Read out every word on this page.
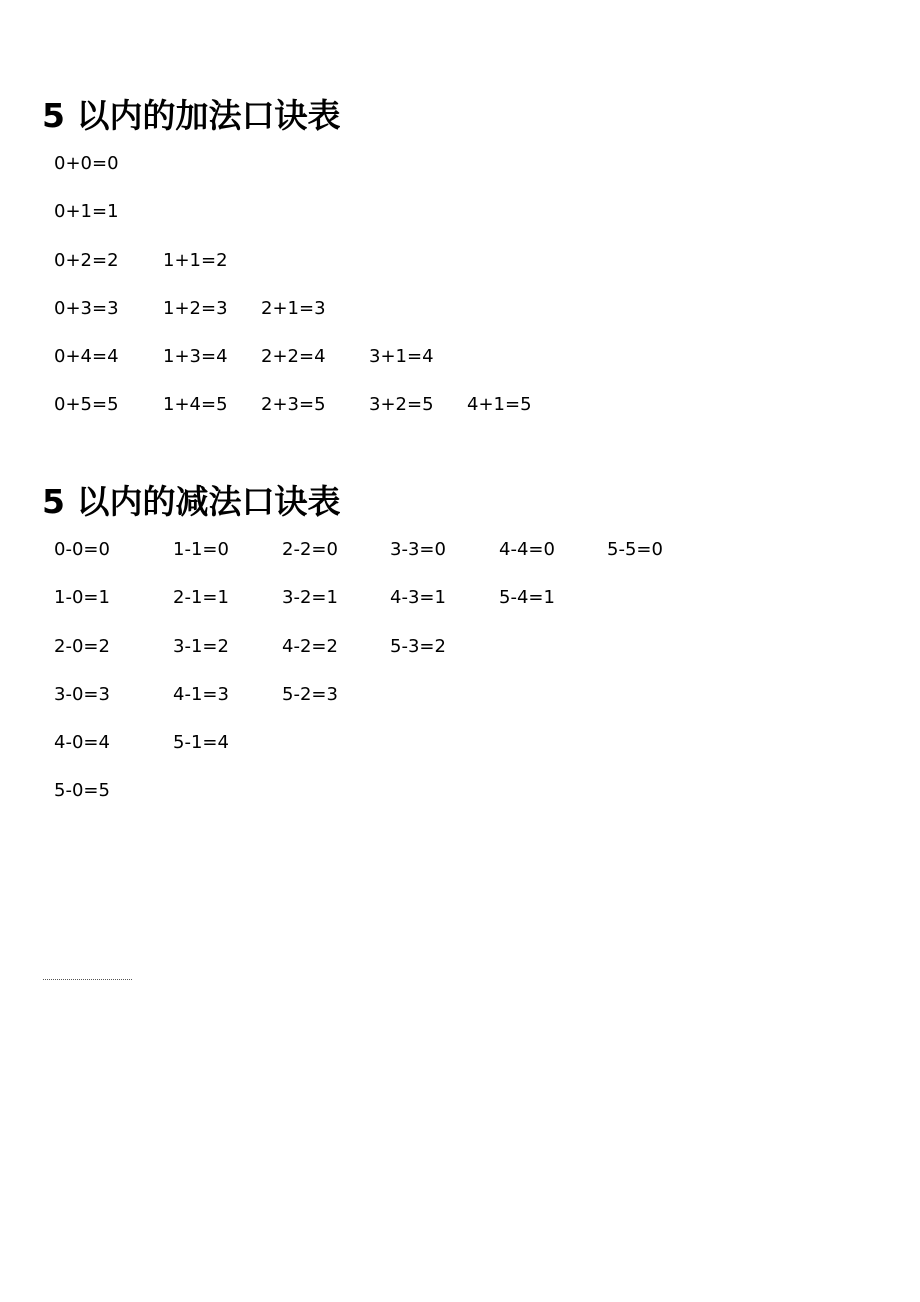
5 以内的加法口诀表
0+0=0
0+1=1
0+2=2 1+1=2
0+3=3 1+2=3 2+1=3
0+4=4 1+3=4 2+2=4 3+1=4
0+5=5 1+4=5 2+3=5 3+2=5 4+1=5
5 以内的减法口诀表
0-0=0	1-1=0	2-2=0	3-3=0	4-4=0	5-5=0
1-0=1	2-1=1	3-2=1	4-3=1	5-4=1
2-0=2	3-1=2	4-2=2	5-3=2
3-0=3	4-1=3	5-2=3
4-0=4	5-1=4
5-0=5
